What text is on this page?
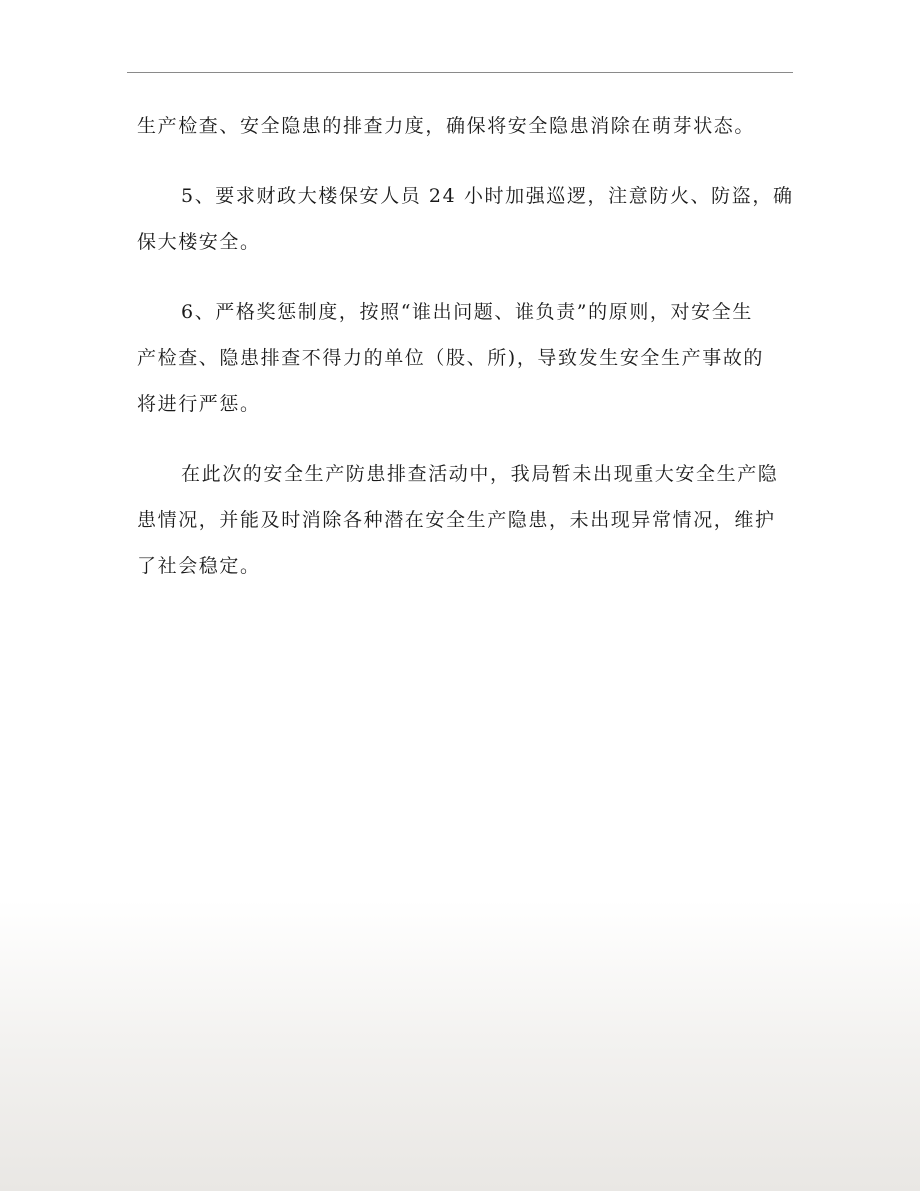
生产检查、安全隐患的排查力度，确保将安全隐患消除在萌芽状态。

5、要求财政大楼保安人员 24 小时加强巡逻，注意防火、防盗，确
保大楼安全。

6、严格奖惩制度，按照“谁出问题、谁负责”的原则，对安全生
产检查、隐患排查不得力的单位（股、所)，导致发生安全生产事故的
将进行严惩。

在此次的安全生产防患排查活动中，我局暂未出现重大安全生产隐
患情况，并能及时消除各种潜在安全生产隐患，未出现异常情况，维护
了社会稳定。
